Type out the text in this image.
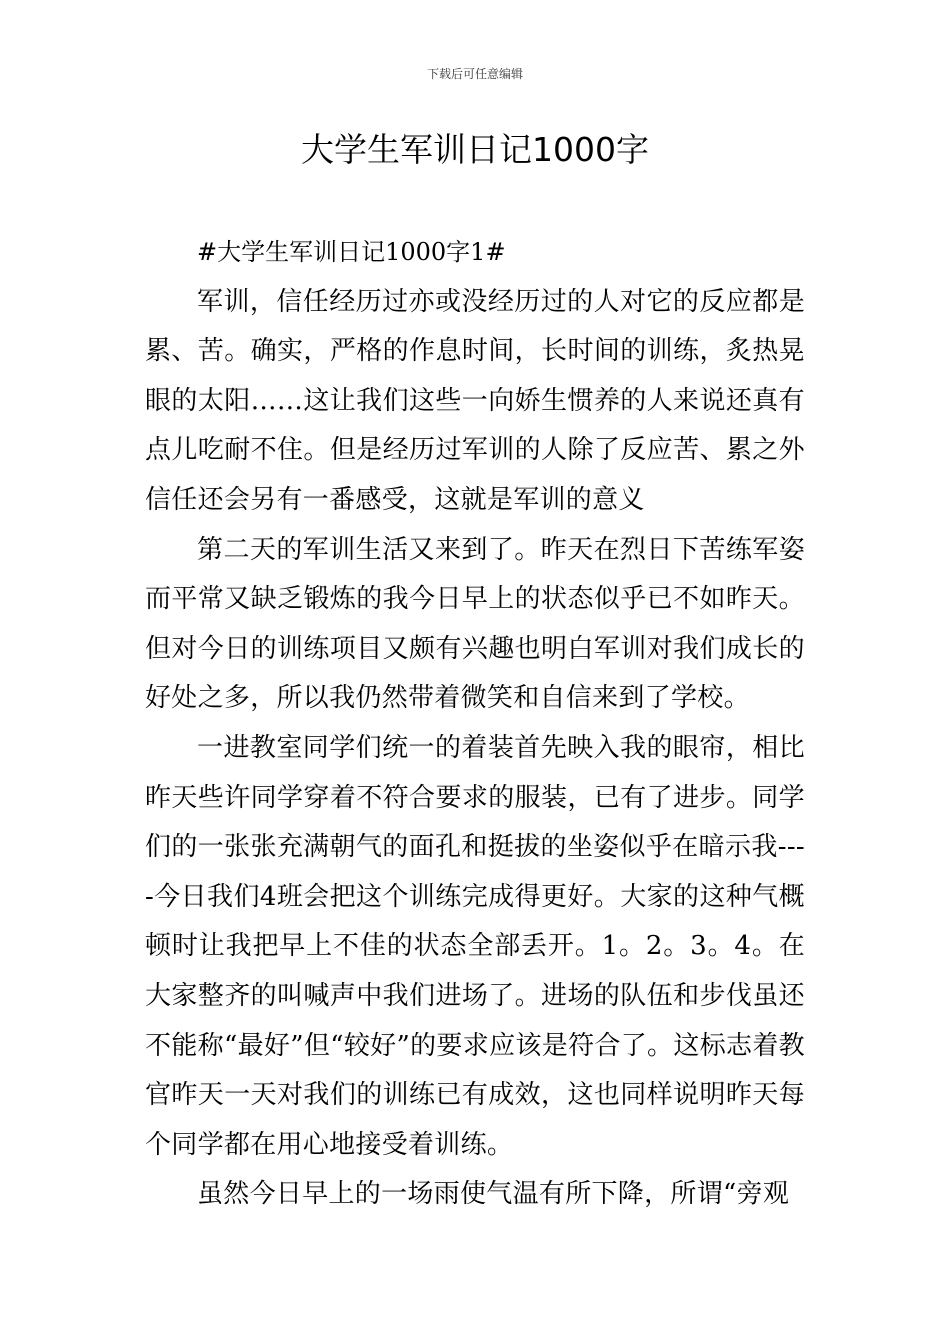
下载后可任意编辑
大学生军训日记1000字

#大学生军训日记1000字1#

军训，信任经历过亦或没经历过的人对它的反应都是累、苦。确实，严格的作息时间，长时间的训练，炙热晃眼的太阳……这让我们这些一向娇生惯养的人来说还真有点儿吃耐不住。但是经历过军训的人除了反应苦、累之外信任还会另有一番感受，这就是军训的意义

第二天的军训生活又来到了。昨天在烈日下苦练军姿而平常又缺乏锻炼的我今日早上的状态似乎已不如昨天。但对今日的训练项目又颇有兴趣也明白军训对我们成长的好处之多，所以我仍然带着微笑和自信来到了学校。

一进教室同学们统一的着装首先映入我的眼帘，相比昨天些许同学穿着不符合要求的服装，已有了进步。同学们的一张张充满朝气的面孔和挺拔的坐姿似乎在暗示我----今日我们4班会把这个训练完成得更好。大家的这种气概顿时让我把早上不佳的状态全部丢开。1。2。3。4。在大家整齐的叫喊声中我们进场了。进场的队伍和步伐虽还不能称“最好”但“较好”的要求应该是符合了。这标志着教官昨天一天对我们的训练已有成效，这也同样说明昨天每个同学都在用心地接受着训练。

虽然今日早上的一场雨使气温有所下降，所谓“旁观
